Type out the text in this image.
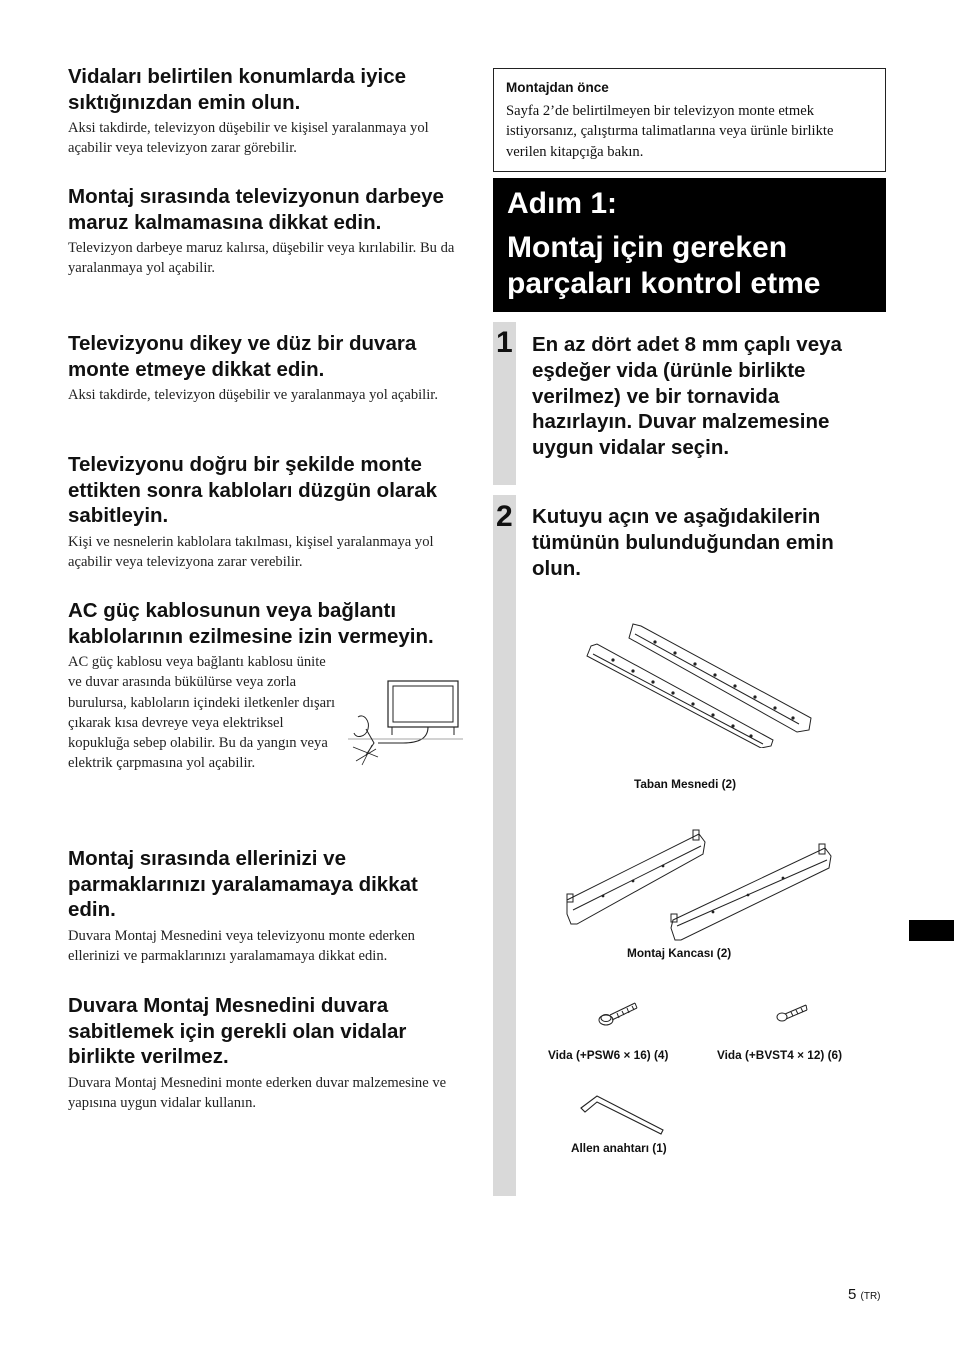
Vidaları belirtilen konumlarda iyice sıktığınızdan emin olun.

Aksi takdirde, televizyon düşebilir ve kişisel yaralanmaya yol açabilir veya televizyon zarar görebilir.

Montaj sırasında televizyonun darbeye maruz kalmamasına dikkat edin.

Televizyon darbeye maruz kalırsa, düşebilir veya kırılabilir. Bu da yaralanmaya yol açabilir.

Televizyonu dikey ve düz bir duvara monte etmeye dikkat edin.

Aksi takdirde, televizyon düşebilir ve yaralanmaya yol açabilir.

Televizyonu doğru bir şekilde monte ettikten sonra kabloları düzgün olarak sabitleyin.

Kişi ve nesnelerin kablolara takılması, kişisel yaralanmaya yol açabilir veya televizyona zarar verebilir.

AC güç kablosunun veya bağlantı kablolarının ezilmesine izin vermeyin.

AC güç kablosu veya bağlantı kablosu ünite ve duvar arasında bükülürse veya zorla burulursa, kabloların içindeki iletkenler dışarı çıkarak kısa devreye veya elektriksel kopukluğa sebep olabilir. Bu da yangın veya elektrik çarpmasına yol açabilir.

Montaj sırasında ellerinizi ve parmaklarınızı yaralamamaya dikkat edin.

Duvara Montaj Mesnedini veya televizyonu monte ederken ellerinizi ve parmaklarınızı yaralamamaya dikkat edin.

Duvara Montaj Mesnedini duvara sabitlemek için gerekli olan vidalar birlikte verilmez.

Duvara Montaj Mesnedini monte ederken duvar malzemesine ve yapısına uygun vidalar kullanın.

Montajdan önce

Sayfa 2’de belirtilmeyen bir televizyon monte etmek istiyorsanız, çalıştırma talimatlarına veya ürünle birlikte verilen kitapçığa bakın.

Adım 1:
Montaj için gereken parçaları kontrol etme
1 En az dört adet 8 mm çaplı veya eşdeğer vida (ürünle birlikte verilmez) ve bir tornavida hazırlayın. Duvar malzemesine uygun vidalar seçin.

2 Kutuyu açın ve aşağıdakilerin tümünün bulunduğundan emin olun.

Taban Mesnedi (2)
Montaj Kancası (2)
Vida (+PSW6 × 16) (4)	Vida (+BVST4 × 12) (6)
Allen anahtarı (1)
5 (TR)
